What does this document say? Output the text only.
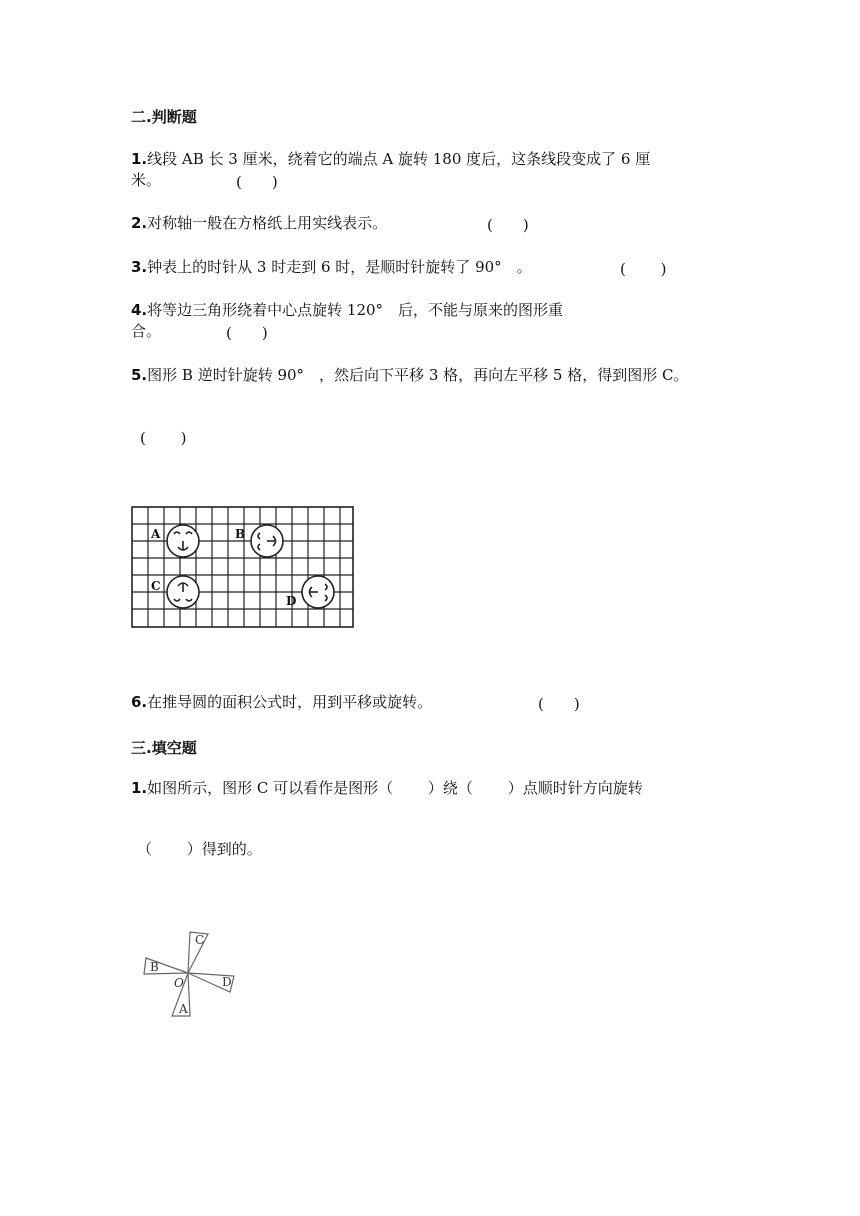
二.判断题
1.线段 AB 长 3 厘米，绕着它的端点 A 旋转 180 度后，这条线段变成了 6 厘
米。	(　　)
2.对称轴一般在方格纸上用实线表示。	(　　)
3.钟表上的时针从 3 时走到 6 时，是顺时针旋转了 90°　。	(　　 )
4.将等边三角形绕着中心点旋转 120°　后，不能与原来的图形重
合。	(　　)
5.图形 B 逆时针旋转 90°　，然后向下平移 3 格，再向左平移 5 格，得到图形 C。
(　　 )
A	B
C
D
6.在推导圆的面积公式时，用到平移或旋转。	(　　)
三.填空题
1.如图所示，图形 C 可以看作是图形（　　 ）绕（　　 ）点顺时针方向旋转
（　　 ）得到的。
C
B
D
A
O
